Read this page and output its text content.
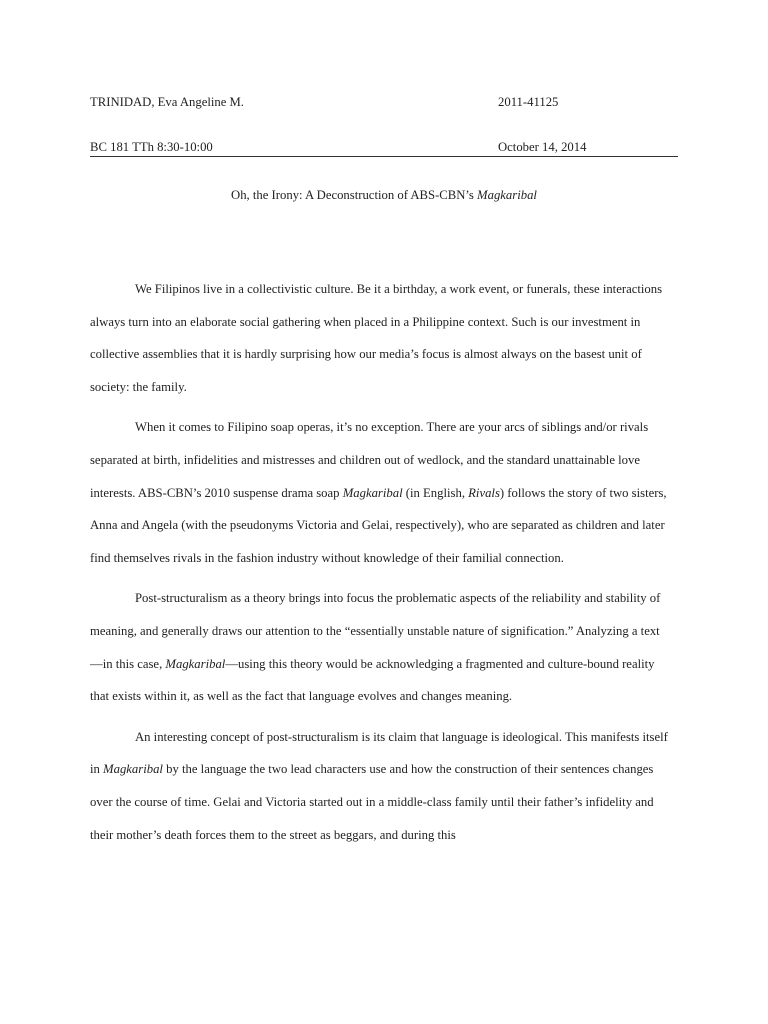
TRINIDAD, Eva Angeline M.	2011-41125
BC 181 TTh 8:30-10:00	October 14, 2014
Oh, the Irony: A Deconstruction of ABS-CBN’s Magkaribal

We Filipinos live in a collectivistic culture. Be it a birthday, a work event, or funerals, these interactions always turn into an elaborate social gathering when placed in a Philippine context. Such is our investment in collective assemblies that it is hardly surprising how our media’s focus is almost always on the basest unit of society: the family.

When it comes to Filipino soap operas, it’s no exception. There are your arcs of siblings and/or rivals separated at birth, infidelities and mistresses and children out of wedlock, and the standard unattainable love interests. ABS-CBN’s 2010 suspense drama soap Magkaribal (in English, Rivals) follows the story of two sisters, Anna and Angela (with the pseudonyms Victoria and Gelai, respectively), who are separated as children and later find themselves rivals in the fashion industry without knowledge of their familial connection.

Post-structuralism as a theory brings into focus the problematic aspects of the reliability and stability of meaning, and generally draws our attention to the “essentially unstable nature of signification.” Analyzing a text—in this case, Magkaribal—using this theory would be acknowledging a fragmented and culture-bound reality that exists within it, as well as the fact that language evolves and changes meaning.

An interesting concept of post-structuralism is its claim that language is ideological. This manifests itself in Magkaribal by the language the two lead characters use and how the construction of their sentences changes over the course of time. Gelai and Victoria started out in a middle-class family until their father’s infidelity and their mother’s death forces them to the street as beggars, and during this
